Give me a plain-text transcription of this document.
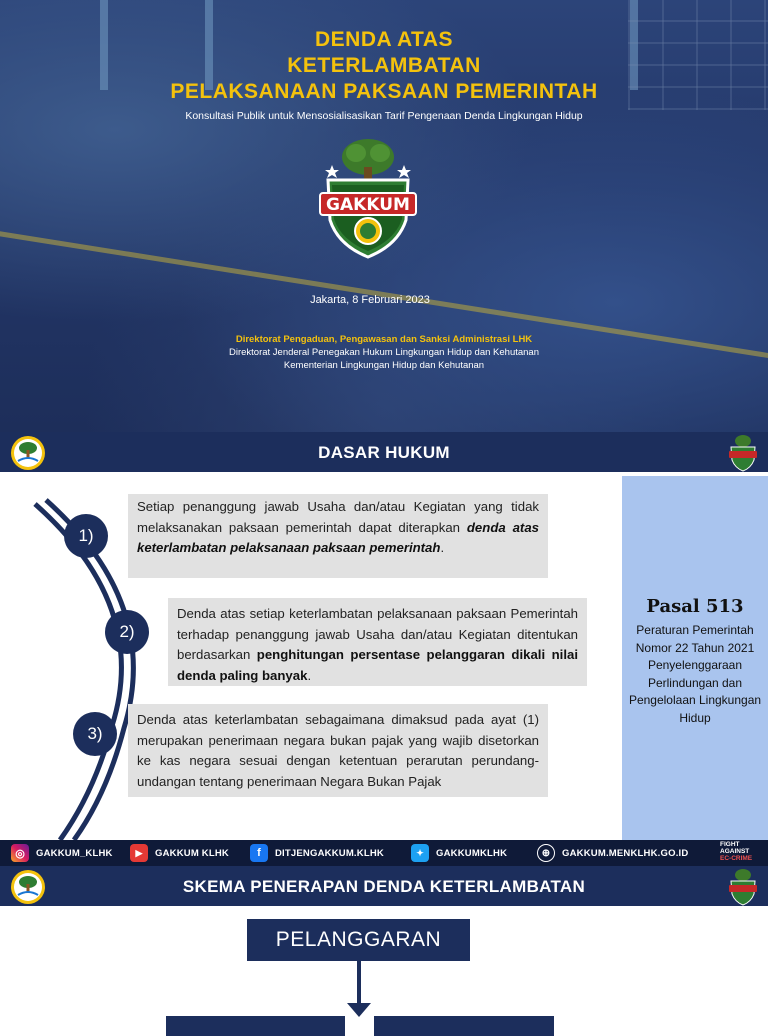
DENDA ATAS
KETERLAMBATAN
PELAKSANAAN PAKSAAN PEMERINTAH
Konsultasi Publik untuk Mensosialisasikan Tarif Pengenaan Denda Lingkungan Hidup
GAKKUM
Jakarta, 8 Februari 2023
Direktorat Pengaduan, Pengawasan dan Sanksi Administrasi LHK
Direktorat Jenderal Penegakan Hukum Lingkungan Hidup dan Kehutanan
Kementerian Lingkungan Hidup dan Kehutanan
DASAR HUKUM
1)
Setiap penanggung jawab Usaha dan/atau Kegiatan yang tidak melaksanakan paksaan pemerintah dapat diterapkan denda atas keterlambatan pelaksanaan paksaan pemerintah.
2)
Denda atas setiap keterlambatan pelaksanaan paksaan Pemerintah terhadap penanggung jawab Usaha dan/atau Kegiatan ditentukan berdasarkan penghitungan persentase pelanggaran dikali nilai denda paling banyak.
3)
Denda atas keterlambatan sebagaimana dimaksud pada ayat (1) merupakan penerimaan negara bukan pajak yang wajib disetorkan ke kas negara sesuai dengan ketentuan perarutan perundang-undangan tentang penerimaan Negara Bukan Pajak
Pasal 513
Peraturan Pemerintah Nomor 22 Tahun 2021 Penyelenggaraan Perlindungan dan Pengelolaan Lingkungan Hidup
◎	GAKKUM_KLHK	▶	GAKKUM KLHK	f	DITJENGAKKUM.KLHK	✦	GAKKUMKLHK	⊕	GAKKUM.MENKLHK.GO.ID
FIGHT
AGAINST
EC-CRIME
SKEMA PENERAPAN DENDA KETERLAMBATAN
PELANGGARAN
